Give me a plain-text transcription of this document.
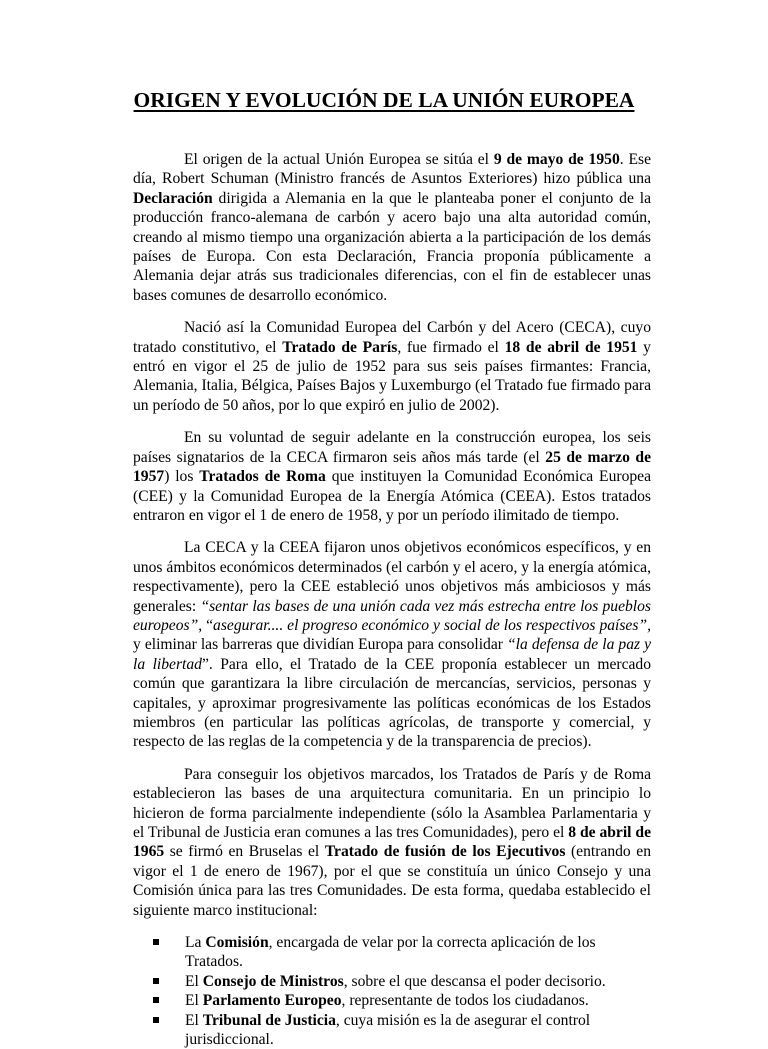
ORIGEN Y EVOLUCIÓN DE LA UNIÓN EUROPEA

El origen de la actual Unión Europea se sitúa el 9 de mayo de 1950. Ese día, Robert Schuman (Ministro francés de Asuntos Exteriores) hizo pública una Declaración dirigida a Alemania en la que le planteaba poner el conjunto de la producción franco-alemana de carbón y acero bajo una alta autoridad común, creando al mismo tiempo una organización abierta a la participación de los demás países de Europa. Con esta Declaración, Francia proponía públicamente a Alemania dejar atrás sus tradicionales diferencias, con el fin de establecer unas bases comunes de desarrollo económico.

Nació así la Comunidad Europea del Carbón y del Acero (CECA), cuyo tratado constitutivo, el Tratado de París, fue firmado el 18 de abril de 1951 y entró en vigor el 25 de julio de 1952 para sus seis países firmantes: Francia, Alemania, Italia, Bélgica, Países Bajos y Luxemburgo (el Tratado fue firmado para un período de 50 años, por lo que expiró en julio de 2002).

En su voluntad de seguir adelante en la construcción europea, los seis países signatarios de la CECA firmaron seis años más tarde (el 25 de marzo de 1957) los Tratados de Roma que instituyen la Comunidad Económica Europea (CEE) y la Comunidad Europea de la Energía Atómica (CEEA). Estos tratados entraron en vigor el 1 de enero de 1958, y por un período ilimitado de tiempo.

La CECA y la CEEA fijaron unos objetivos económicos específicos, y en unos ámbitos económicos determinados (el carbón y el acero, y la energía atómica, respectivamente), pero la CEE estableció unos objetivos más ambiciosos y más generales: “sentar las bases de una unión cada vez más estrecha entre los pueblos europeos”, “asegurar.... el progreso económico y social de los respectivos países”, y eliminar las barreras que dividían Europa para consolidar “la defensa de la paz y la libertad”. Para ello, el Tratado de la CEE proponía establecer un mercado común que garantizara la libre circulación de mercancías, servicios, personas y capitales, y aproximar progresivamente las políticas económicas de los Estados miembros (en particular las políticas agrícolas, de transporte y comercial, y respecto de las reglas de la competencia y de la transparencia de precios).

Para conseguir los objetivos marcados, los Tratados de París y de Roma establecieron las bases de una arquitectura comunitaria. En un principio lo hicieron de forma parcialmente independiente (sólo la Asamblea Parlamentaria y el Tribunal de Justicia eran comunes a las tres Comunidades), pero el 8 de abril de 1965 se firmó en Bruselas el Tratado de fusión de los Ejecutivos (entrando en vigor el 1 de enero de 1967), por el que se constituía un único Consejo y una Comisión única para las tres Comunidades. De esta forma, quedaba establecido el siguiente marco institucional:

La Comisión, encargada de velar por la correcta aplicación de los Tratados.
El Consejo de Ministros, sobre el que descansa el poder decisorio.
El Parlamento Europeo, representante de todos los ciudadanos.
El Tribunal de Justicia, cuya misión es la de asegurar el control jurisdiccional.
